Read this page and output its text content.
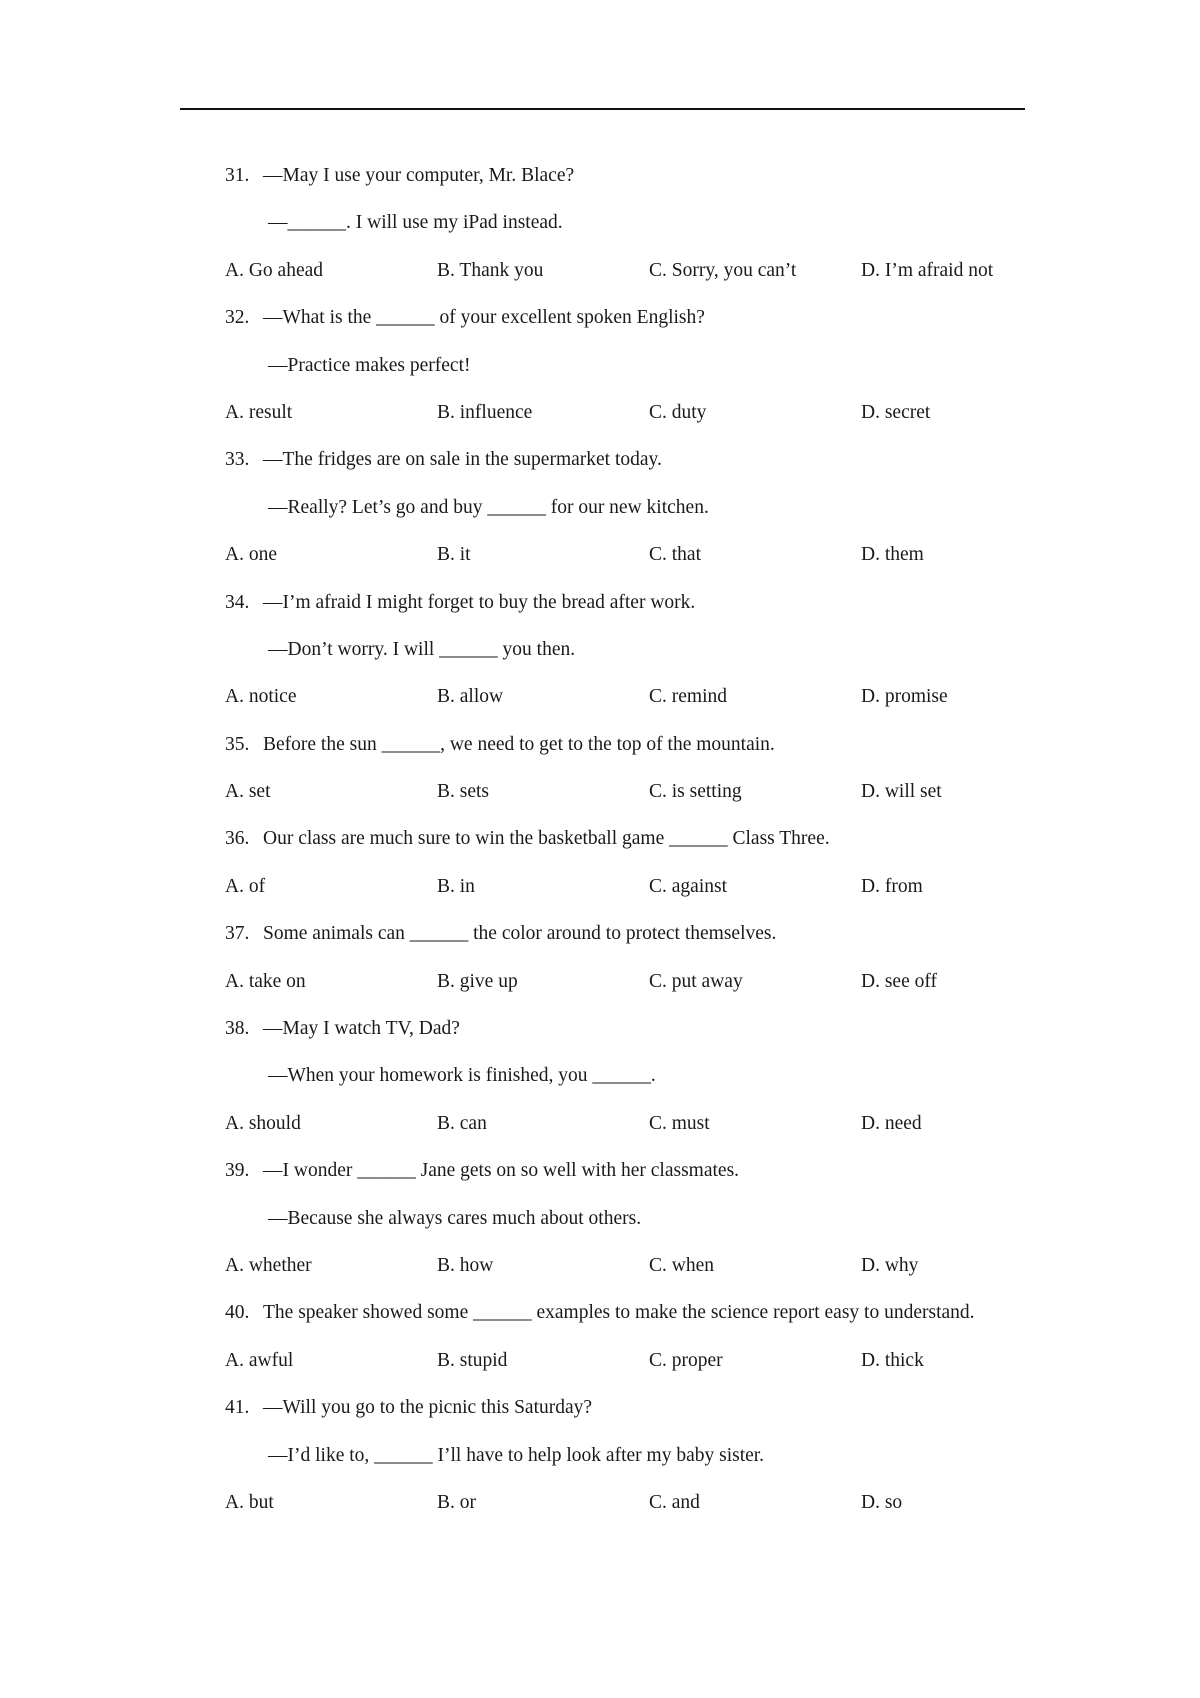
31. —May I use your computer, Mr. Blace?
—______. I will use my iPad instead.
A. Go ahead	B. Thank you	C. Sorry, you can’t	D. I’m afraid not
32. —What is the ______ of your excellent spoken English?
—Practice makes perfect!
A. result	B. influence	C. duty	D. secret
33. —The fridges are on sale in the supermarket today.
—Really? Let’s go and buy ______ for our new kitchen.
A. one	B. it	C. that	D. them
34. —I’m afraid I might forget to buy the bread after work.
—Don’t worry. I will ______ you then.
A. notice	B. allow	C. remind	D. promise
35. Before the sun ______, we need to get to the top of the mountain.
A. set	B. sets	C. is setting	D. will set
36. Our class are much sure to win the basketball game ______ Class Three.
A. of	B. in	C. against	D. from
37. Some animals can ______ the color around to protect themselves.
A. take on	B. give up	C. put away	D. see off
38. —May I watch TV, Dad?
—When your homework is finished, you ______.
A. should	B. can	C. must	D. need
39. —I wonder ______ Jane gets on so well with her classmates.
—Because she always cares much about others.
A. whether	B. how	C. when	D. why
40. The speaker showed some ______ examples to make the science report easy to understand.
A. awful	B. stupid	C. proper	D. thick
41. —Will you go to the picnic this Saturday?
—I’d like to, ______ I’ll have to help look after my baby sister.
A. but	B. or	C. and	D. so
